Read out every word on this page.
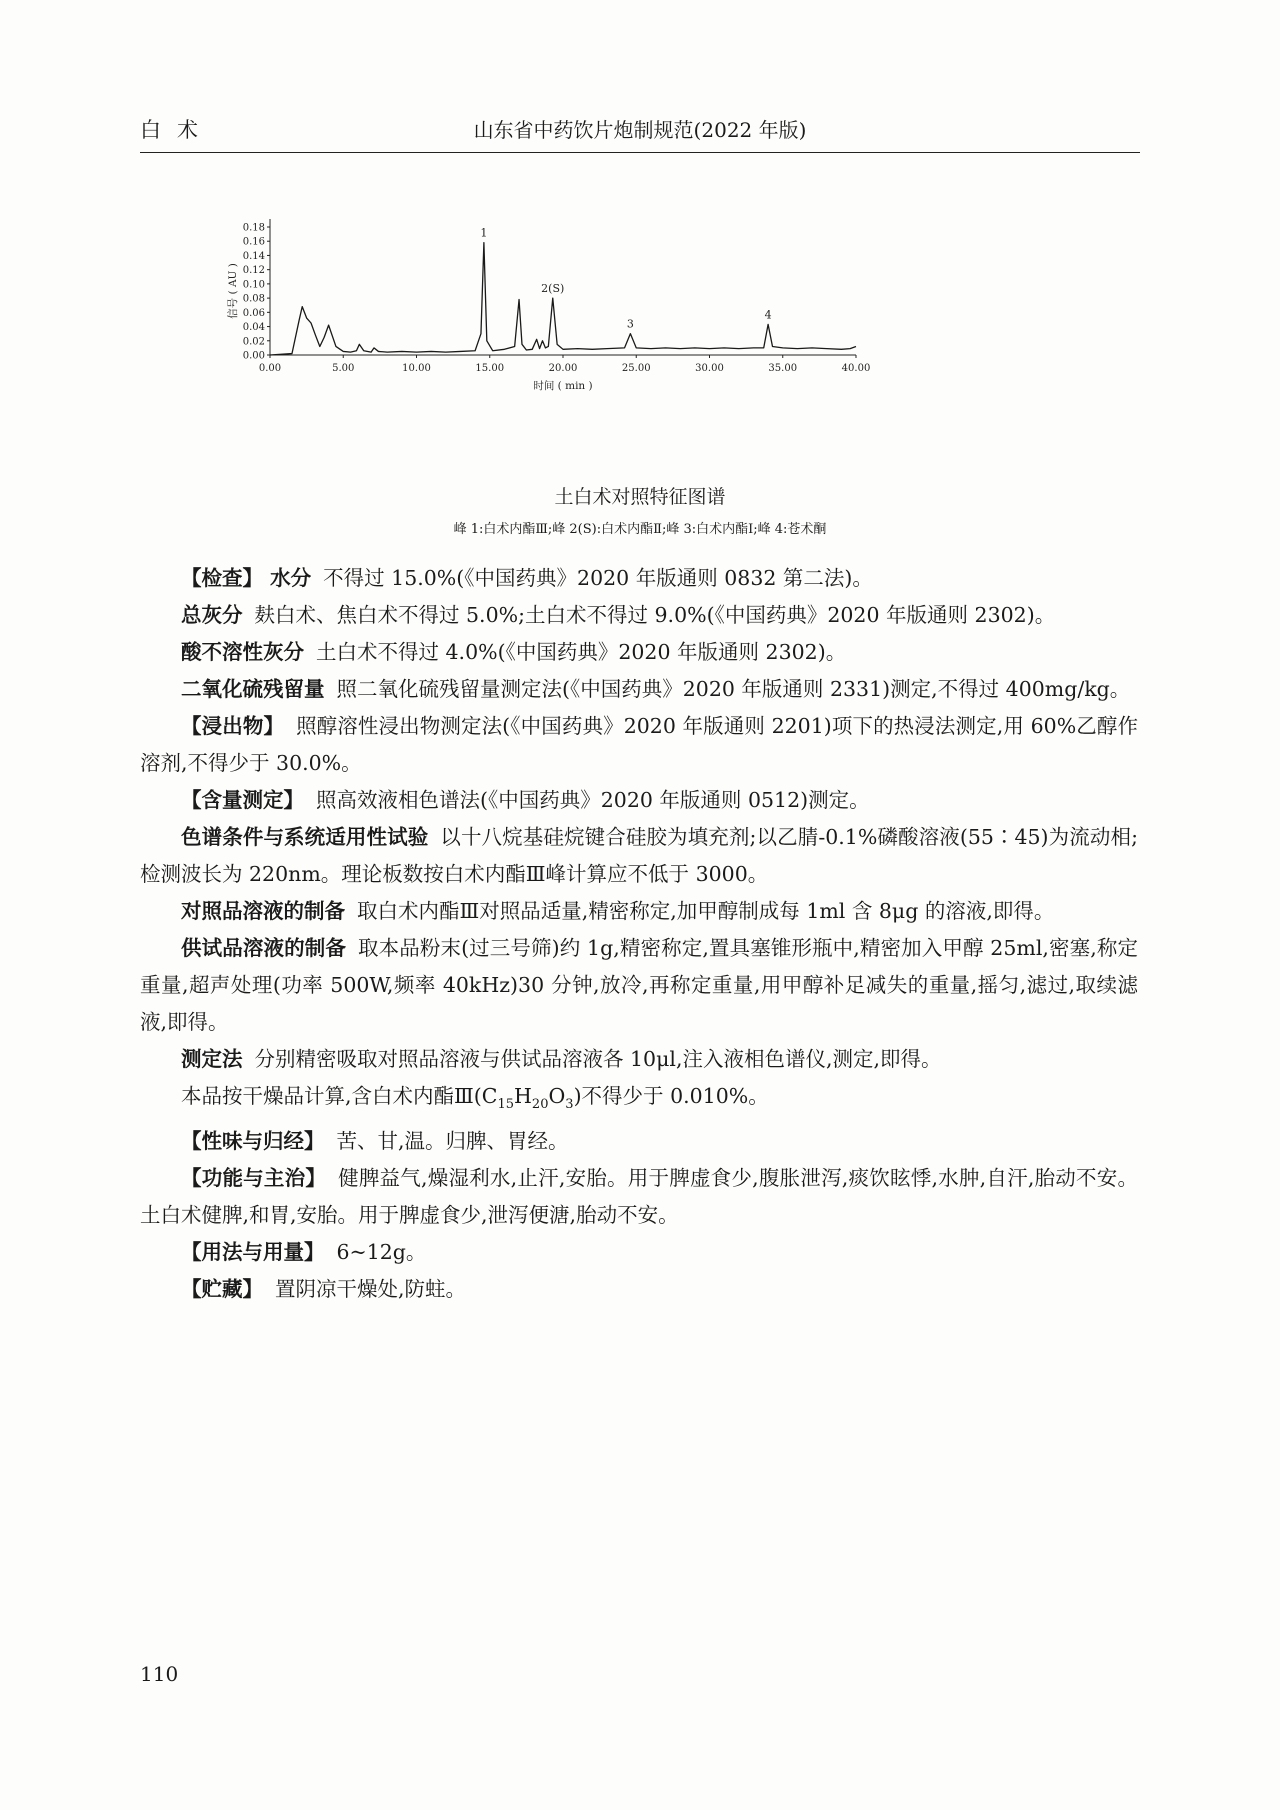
白术	山东省中药饮片炮制规范(2022 年版)
0.00
0.02
0.04
0.06
0.08
0.10
0.12
0.14
0.16
0.18
0.00	5.00	10.00	15.00	20.00	25.00	30.00	35.00	40.00
时间 ( min )
信号 ( AU )
1
2(S)
3
4
土白术对照特征图谱
峰 1:白术内酯Ⅲ;峰 2(S):白术内酯Ⅱ;峰 3:白术内酯Ⅰ;峰 4:苍术酮

【检查】 水分 不得过 15.0%(《中国药典》2020 年版通则 0832 第二法)。

总灰分 麸白术、焦白术不得过 5.0%;土白术不得过 9.0%(《中国药典》2020 年版通则 2302)。

酸不溶性灰分 土白术不得过 4.0%(《中国药典》2020 年版通则 2302)。

二氧化硫残留量 照二氧化硫残留量测定法(《中国药典》2020 年版通则 2331)测定,不得过 400mg/kg。

【浸出物】 照醇溶性浸出物测定法(《中国药典》2020 年版通则 2201)项下的热浸法测定,用 60%乙醇作溶剂,不得少于 30.0%。

【含量测定】 照高效液相色谱法(《中国药典》2020 年版通则 0512)测定。

色谱条件与系统适用性试验 以十八烷基硅烷键合硅胶为填充剂;以乙腈-0.1%磷酸溶液(55∶45)为流动相;检测波长为 220nm。理论板数按白术内酯Ⅲ峰计算应不低于 3000。

对照品溶液的制备 取白术内酯Ⅲ对照品适量,精密称定,加甲醇制成每 1ml 含 8μg 的溶液,即得。

供试品溶液的制备 取本品粉末(过三号筛)约 1g,精密称定,置具塞锥形瓶中,精密加入甲醇 25ml,密塞,称定重量,超声处理(功率 500W,频率 40kHz)30 分钟,放冷,再称定重量,用甲醇补足减失的重量,摇匀,滤过,取续滤液,即得。

测定法 分别精密吸取对照品溶液与供试品溶液各 10μl,注入液相色谱仪,测定,即得。

本品按干燥品计算,含白术内酯$Ⅲ(C_{15}H_{20}O_3)$不得少于 0.010%。

【性味与归经】 苦、甘,温。归脾、胃经。

【功能与主治】 健脾益气,燥湿利水,止汗,安胎。用于脾虚食少,腹胀泄泻,痰饮眩悸,水肿,自汗,胎动不安。土白术健脾,和胃,安胎。用于脾虚食少,泄泻便溏,胎动不安。

【用法与用量】 6~12g。

【贮藏】 置阴凉干燥处,防蛀。

110
